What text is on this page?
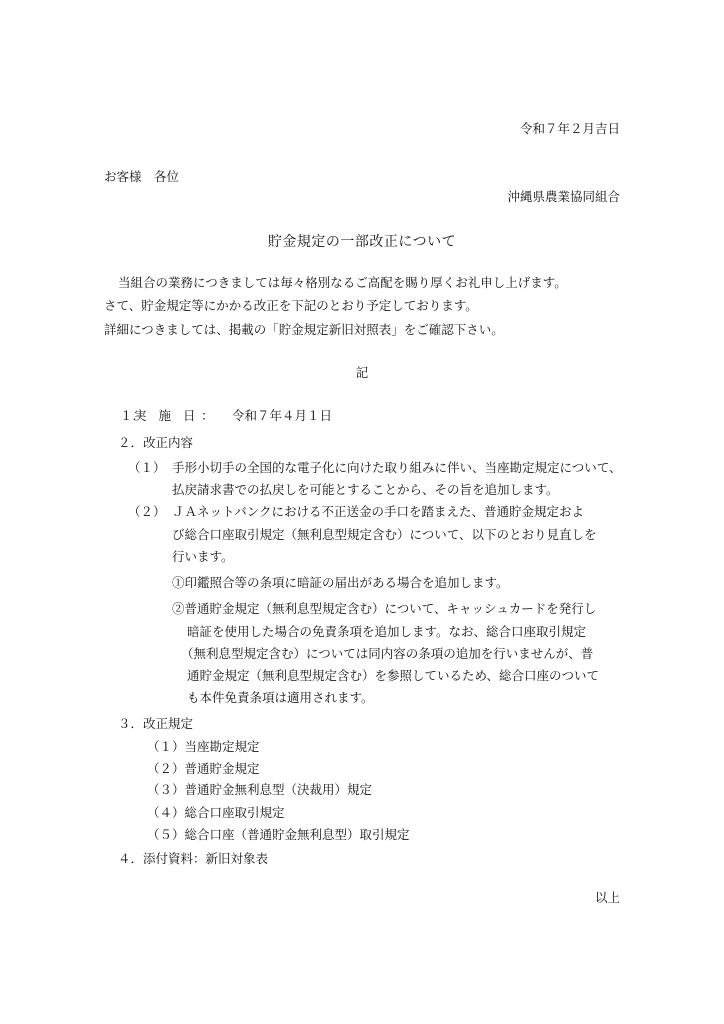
令和７年２月吉日
お客様　各位
沖縄県農業協同組合
貯金規定の一部改正について
当組合の業務につきましては毎々格別なるご高配を賜り厚くお礼申し上げます。
さて、貯金規定等にかかる改正を下記のとおり予定しております。
詳細につきましては、掲載の「貯金規定新旧対照表」をご確認下さい。
記
１.
実 施 日 ： 令和７年４月１日
２．改正内容
（１） 手形小切手の全国的な電子化に向けた取り組みに伴い、当座勘定規定について、
払戻請求書での払戻しを可能とすることから、その旨を追加します。
（２） ＪＡネットバンクにおける不正送金の手口を踏まえた、普通貯金規定およ
び総合口座取引規定（無利息型規定含む）について、以下のとおり見直しを
行います。
①印鑑照合等の条項に暗証の届出がある場合を追加します。
②普通貯金規定（無利息型規定含む）について、キャッシュカードを発行し
暗証を使用した場合の免責条項を追加します。なお、総合口座取引規定
（無利息型規定含む）については同内容の条項の追加を行いませんが、普
通貯金規定（無利息型規定含む）を参照しているため、総合口座のついて
も本件免責条項は適用されます。
３．改正規定
（１）当座勘定規定
（２）普通貯金規定
（３）普通貯金無利息型（決裁用）規定
（４）総合口座取引規定
（５）総合口座（普通貯金無利息型）取引規定
４．添付資料：新旧対象表
以上
